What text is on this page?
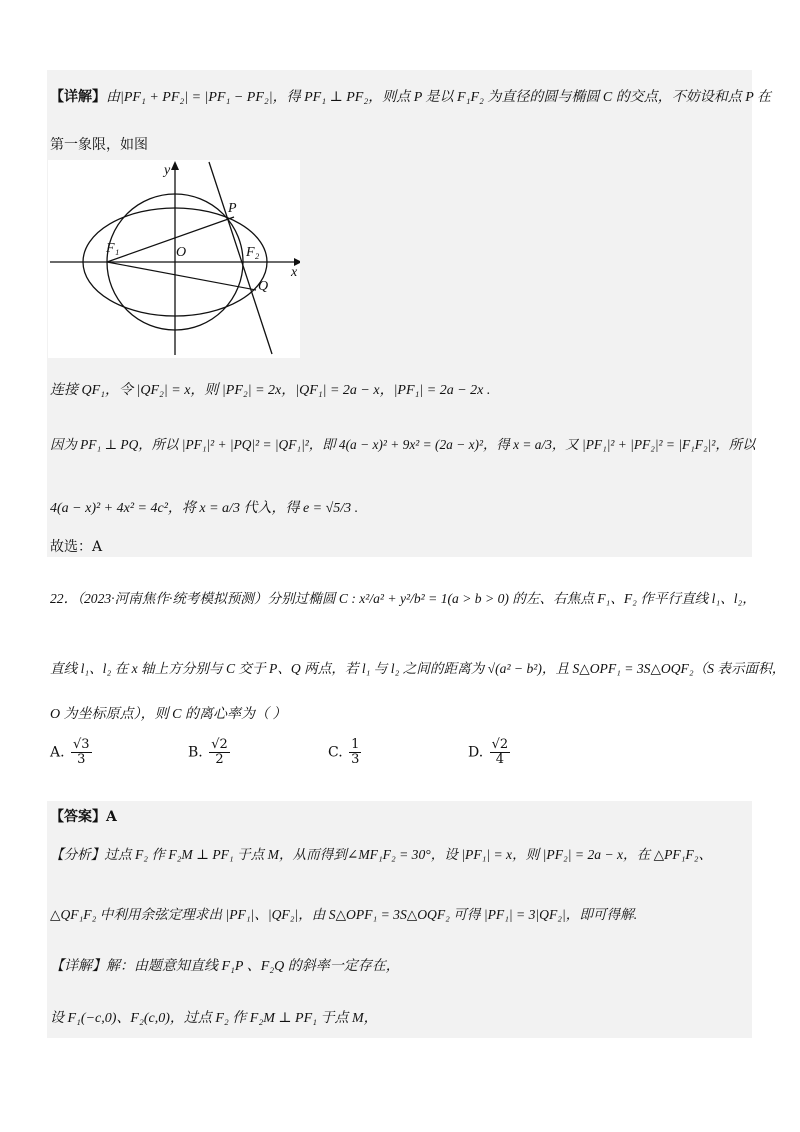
【详解】由|PF₁ + PF₂| = |PF₁ − PF₂|，得 PF₁ ⊥ PF₂，则点 P 是以 F₁F₂ 为直径的圆与椭圆 C 的交点，不妨设和点 P 在
第一象限，如图
y
x
O
P
Q
F₁	F₂
连接 QF₁，令 |QF₂| = x，则 |PF₂| = 2x，|QF₁| = 2a − x，|PF₁| = 2a − 2x .
因为 PF₁ ⊥ PQ，所以 |PF₁|² + |PQ|² = |QF₁|²，即 4(a − x)² + 9x² = (2a − x)²，得 x = a/3，又 |PF₁|² + |PF₂|² = |F₁F₂|²，所以
4(a − x)² + 4x² = 4c²，将 x = a/3 代入，得 e = √5/3 .
故选：A
22．（2023·河南焦作·统考模拟预测）分别过椭圆 C : x²/a² + y²/b² = 1(a > b > 0) 的左、右焦点 F₁、F₂ 作平行直线 l₁、l₂，
直线 l₁、l₂ 在 x 轴上方分别与 C 交于 P、Q 两点，若 l₁ 与 l₂ 之间的距离为 √(a² − b²)，且 S△OPF₁ = 3S△OQF₂（S 表示面积，
O 为坐标原点），则 C 的离心率为（ ）
A. $\frac{√3}{3}$	B. $\frac{√2}{2}$	C. $\frac{1}{3}$	D. $\frac{√2}{4}$
【答案】A
【分析】过点 F₂ 作 F₂M ⊥ PF₁ 于点 M，从而得到∠MF₁F₂ = 30°，设 |PF₁| = x，则 |PF₂| = 2a − x，在 △PF₁F₂、
△QF₁F₂ 中利用余弦定理求出 |PF₁|、|QF₂|，由 S△OPF₁ = 3S△OQF₂ 可得 |PF₁| = 3|QF₂|，即可得解.
【详解】解：由题意知直线 F₁P 、F₂Q 的斜率一定存在，
设 F₁(−c,0)、F₂(c,0)，过点 F₂ 作 F₂M ⊥ PF₁ 于点 M，
